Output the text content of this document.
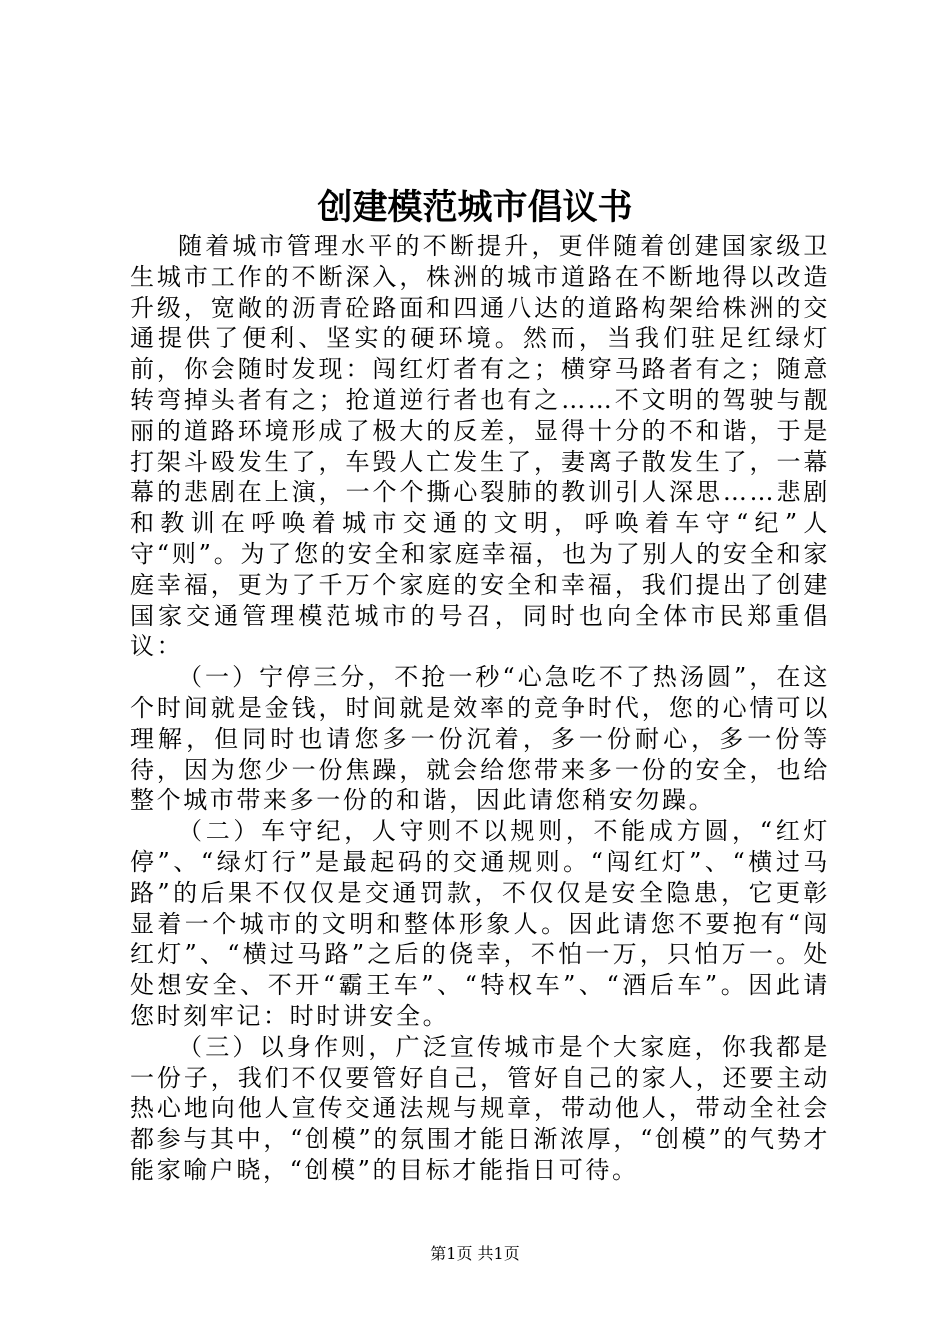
创建模范城市倡议书

随着城市管理水平的不断提升，更伴随着创建国家级卫生城市工作的不断深入，株洲的城市道路在不断地得以改造升级，宽敞的沥青砼路面和四通八达的道路构架给株洲的交通提供了便利、坚实的硬环境。然而，当我们驻足红绿灯前，你会随时发现：闯红灯者有之；横穿马路者有之；随意转弯掉头者有之；抢道逆行者也有之……不文明的驾驶与靓丽的道路环境形成了极大的反差，显得十分的不和谐，于是打架斗殴发生了，车毁人亡发生了，妻离子散发生了，一幕幕的悲剧在上演，一个个撕心裂肺的教训引人深思……悲剧和教训在呼唤着城市交通的文明，呼唤着车守“纪”人守“则”。为了您的安全和家庭幸福，也为了别人的安全和家庭幸福，更为了千万个家庭的安全和幸福，我们提出了创建国家交通管理模范城市的号召，同时也向全体市民郑重倡议：

（一）宁停三分，不抢一秒“心急吃不了热汤圆”，在这个时间就是金钱，时间就是效率的竞争时代，您的心情可以理解，但同时也请您多一份沉着，多一份耐心，多一份等待，因为您少一份焦躁，就会给您带来多一份的安全，也给整个城市带来多一份的和谐，因此请您稍安勿躁。

（二）车守纪，人守则不以规则，不能成方圆，“红灯停”、“绿灯行”是最起码的交通规则。“闯红灯”、“横过马路”的后果不仅仅是交通罚款，不仅仅是安全隐患，它更彰显着一个城市的文明和整体形象人。因此请您不要抱有“闯红灯”、“横过马路”之后的侥幸，不怕一万，只怕万一。处处想安全、不开“霸王车”、“特权车”、“酒后车”。因此请您时刻牢记：时时讲安全。

（三）以身作则，广泛宣传城市是个大家庭，你我都是一份子，我们不仅要管好自己，管好自己的家人，还要主动热心地向他人宣传交通法规与规章，带动他人，带动全社会都参与其中，“创模”的氛围才能日渐浓厚，“创模”的气势才能家喻户晓，“创模”的目标才能指日可待。

第1页 共1页
